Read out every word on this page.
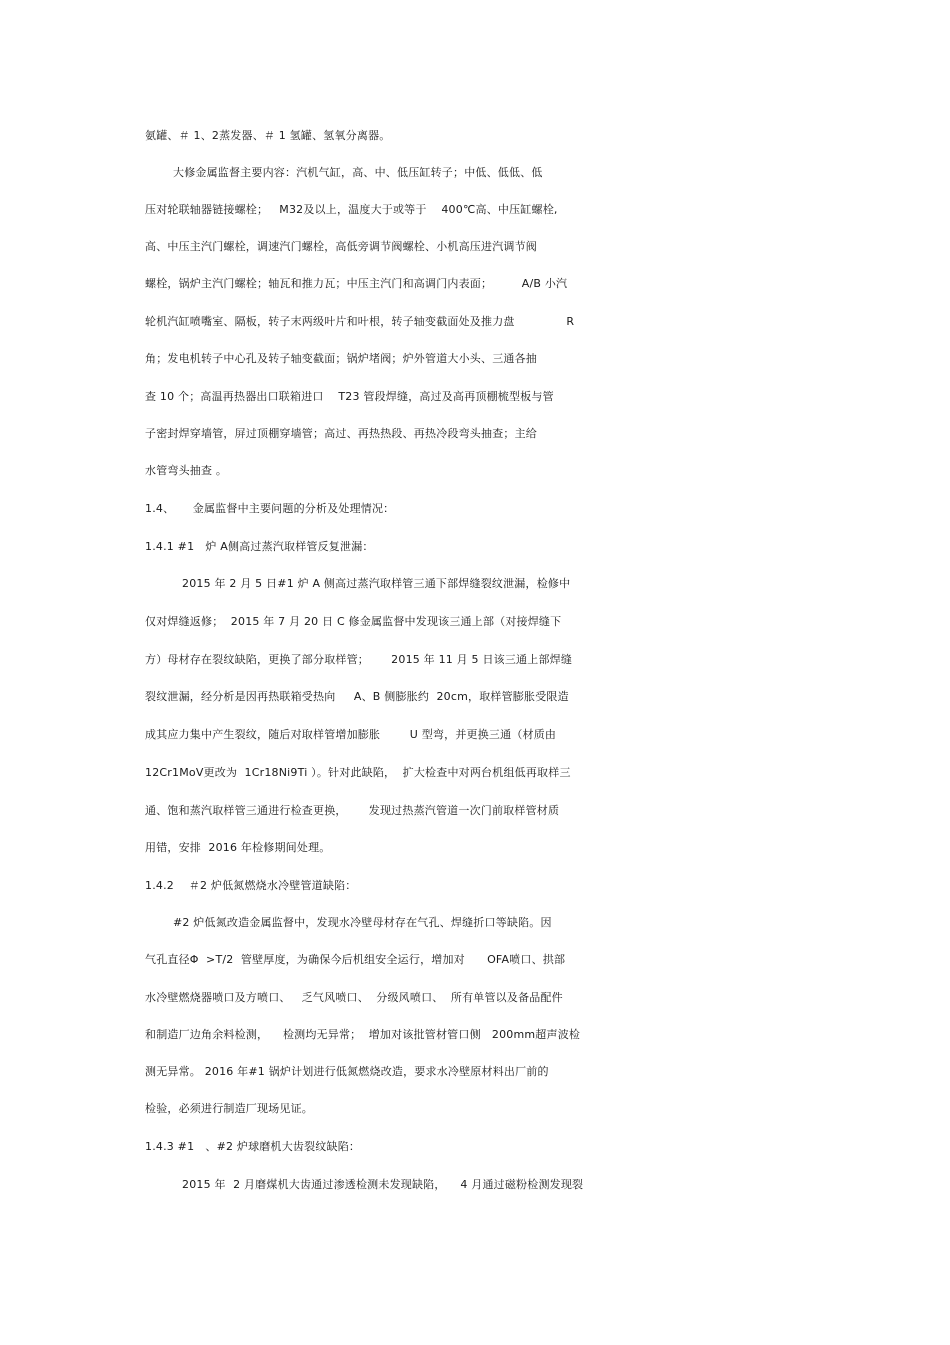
氨罐、＃ 1、2蒸发器、＃ 1 氢罐、氢氧分离器。
大修金属监督主要内容：汽机气缸，高、中、低压缸转子；中低、低低、低
压对轮联轴器链接螺栓；   M32及以上，温度大于或等于    400℃高、中压缸螺栓,
高、中压主汽门螺栓，调速汽门螺栓，高低旁调节阀螺栓、小机高压进汽调节阀
螺栓，锅炉主汽门螺栓；轴瓦和推力瓦；中压主汽门和高调门内表面；        A/B 小汽
轮机汽缸喷嘴室、隔板，转子末两级叶片和叶根，转子轴变截面处及推力盘              R
角；发电机转子中心孔及转子轴变截面；锅炉堵阀；炉外管道大小头、三通各抽
查 10 个；高温再热器出口联箱进口    T23 管段焊缝，高过及高再顶棚梳型板与管
子密封焊穿墙管，屏过顶棚穿墙管；高过、再热热段、再热冷段弯头抽查；主给
水管弯头抽查 。
1.4、     金属监督中主要问题的分析及处理情况：
1.4.1 #1   炉 A侧高过蒸汽取样管反复泄漏：
2015 年 2 月 5 日#1 炉 A 侧高过蒸汽取样管三通下部焊缝裂纹泄漏，检修中
仅对焊缝返修；  2015 年 7 月 20 日 C 修金属监督中发现该三通上部（对接焊缝下
方）母材存在裂纹缺陷，更换了部分取样管；      2015 年 11 月 5 日该三通上部焊缝
裂纹泄漏，经分析是因再热联箱受热向     A、B 侧膨胀约  20cm，取样管膨胀受限造
成其应力集中产生裂纹，随后对取样管增加膨胀        U 型弯，并更换三通（材质由
12Cr1MoV更改为  1Cr18Ni9Ti ）。针对此缺陷，  扩大检查中对两台机组低再取样三
通、饱和蒸汽取样管三通进行检查更换，      发现过热蒸汽管道一次门前取样管材质
用错，安排  2016 年检修期间处理。
1.4.2    ＃2 炉低氮燃烧水冷壁管道缺陷：
#2 炉低氮改造金属监督中，发现水冷壁母材存在气孔、焊缝折口等缺陷。因
气孔直径Φ  >T/2  管壁厚度，为确保今后机组安全运行，增加对      OFA喷口、拱部
水冷壁燃烧器喷口及方喷口、   乏气风喷口、  分级风喷口、  所有单管以及备品配件
和制造厂边角余料检测，    检测均无异常；  增加对该批管材管口侧   200mm超声波检
测无异常。 2016 年#1 锅炉计划进行低氮燃烧改造，要求水冷壁原材料出厂前的
检验，必须进行制造厂现场见证。
1.4.3 #1   、#2 炉球磨机大齿裂纹缺陷：
2015 年  2 月磨煤机大齿通过渗透检测未发现缺陷，    4 月通过磁粉检测发现裂
